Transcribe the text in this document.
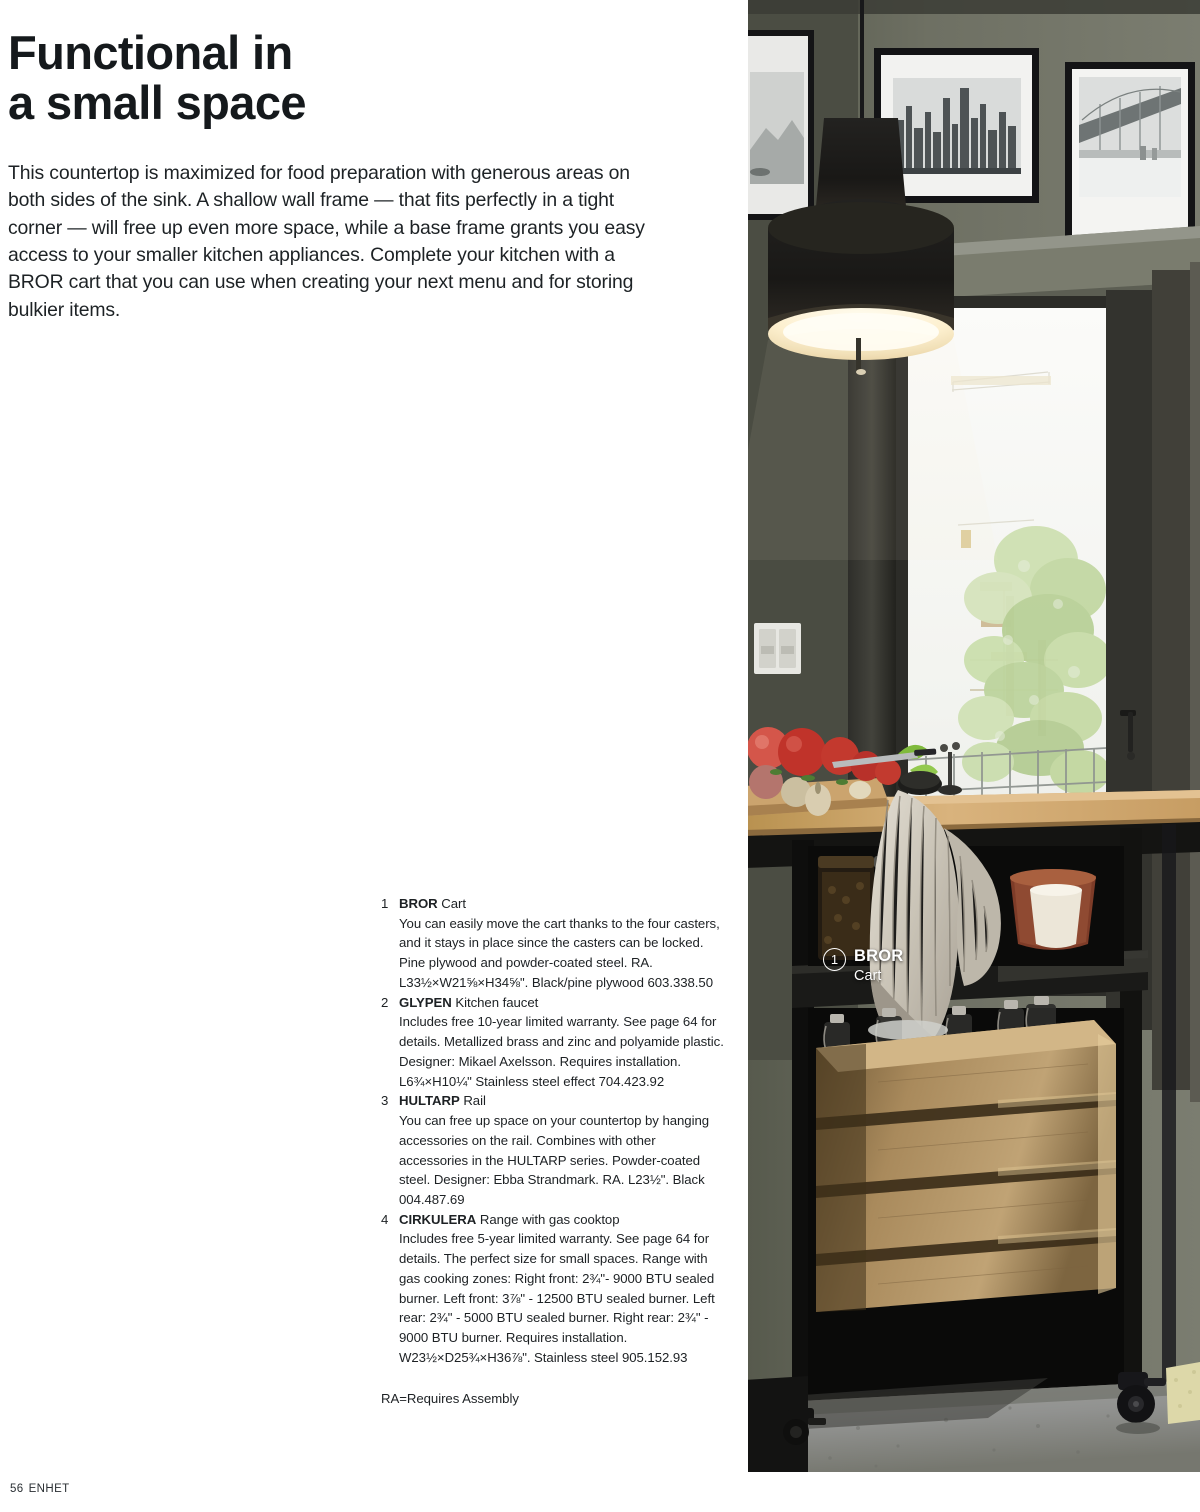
Functional in
a small space

This countertop is maximized for food preparation with generous areas on both sides of the sink. A shallow wall frame — that fits perfectly in a tight corner — will free up even more space, while a base frame grants you easy access to your smaller kitchen appliances. Complete your kitchen with a BROR cart that you can use when creating your next menu and for storing bulkier items.

1 BROR Cart
You can easily move the cart thanks to the four casters, and it stays in place since the casters can be locked. Pine plywood and powder-coated steel. RA. L33½×W21⅝×H34⅝". Black/pine plywood 603.338.50
2 GLYPEN Kitchen faucet
Includes free 10-year limited warranty. See page 64 for details. Metallized brass and zinc and polyamide plastic. Designer: Mikael Axelsson. Requires installation. L6¾×H10¼" Stainless steel effect 704.423.92
3 HULTARP Rail
You can free up space on your countertop by hanging accessories on the rail. Combines with other accessories in the HULTARP series. Powder-coated steel. Designer: Ebba Strandmark. RA. L23½". Black 004.487.69
4 CIRKULERA Range with gas cooktop
Includes free 5-year limited warranty. See page 64 for details. The perfect size for small spaces. Range with gas cooking zones: Right front: 2¾"- 9000 BTU sealed burner. Left front: 3⅞" - 12500 BTU sealed burner. Left rear: 2¾" - 5000 BTU sealed burner. Right rear: 2¾" - 9000 BTU burner. Requires installation. W23½×D25¾×H36⅞". Stainless steel 905.152.93
RA=Requires Assembly
56 ENHET
1 BROR
Cart
